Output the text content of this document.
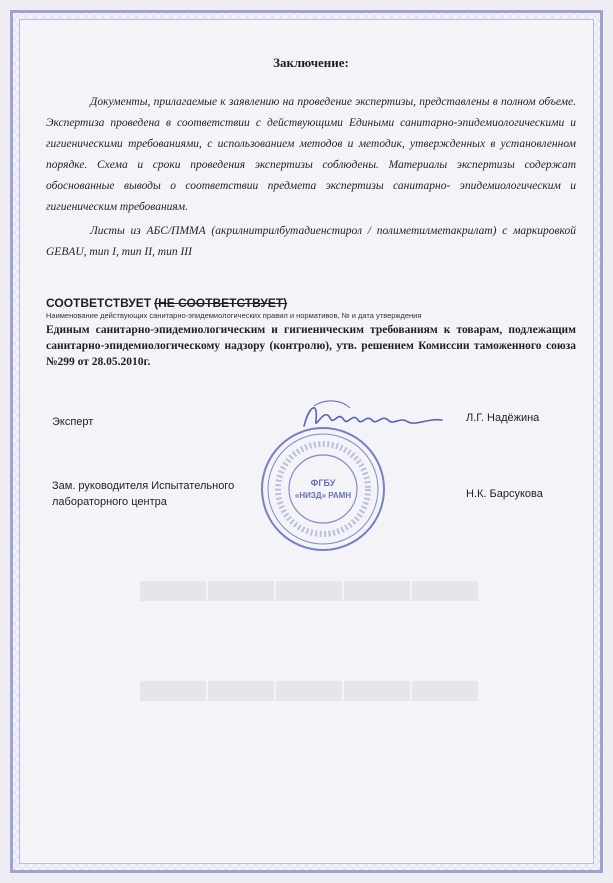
▬▬▬▬▬
▬▬▬▬▬
Заключение:

Документы, прилагаемые к заявлению на проведение экспертизы, представлены в полном объеме. Экспертиза проведена в соответствии с действующими Едиными санитарно-эпидемиологическими и гигиеническими требованиями, с использованием методов и методик, утвержденных в установленном порядке. Схема и сроки проведения экспертизы соблюдены. Материалы экспертизы содержат обоснованные выводы о соответствии предмета экспертизы санитарно- эпидемиологическим и гигиеническим требованиям.

Листы из АБС/ПММА (акрилнитрилбутадиенстирол / полиметилметакрилат) с маркировкой GEBAU, тип I, тип II, тип III

СООТВЕТСТВУЕТ (НЕ СООТВЕТСТВУЕТ)
Наименование действующих санитарно-эпидемиологических правил и нормативов, № и дата утверждения

Единым санитарно-эпидемиологическим и гигиеническим требованиям к товарам, подлежащим санитарно-эпидемиологическому надзору (контролю), утв. решением Комиссии таможенного союза №299 от 28.05.2010г.

Эксперт	Л.Г. Надёжина
Зам. руководителя Испытательного
лабораторного центра
Н.К. Барсукова
ФГБУ
«НИЗД» РАМН
